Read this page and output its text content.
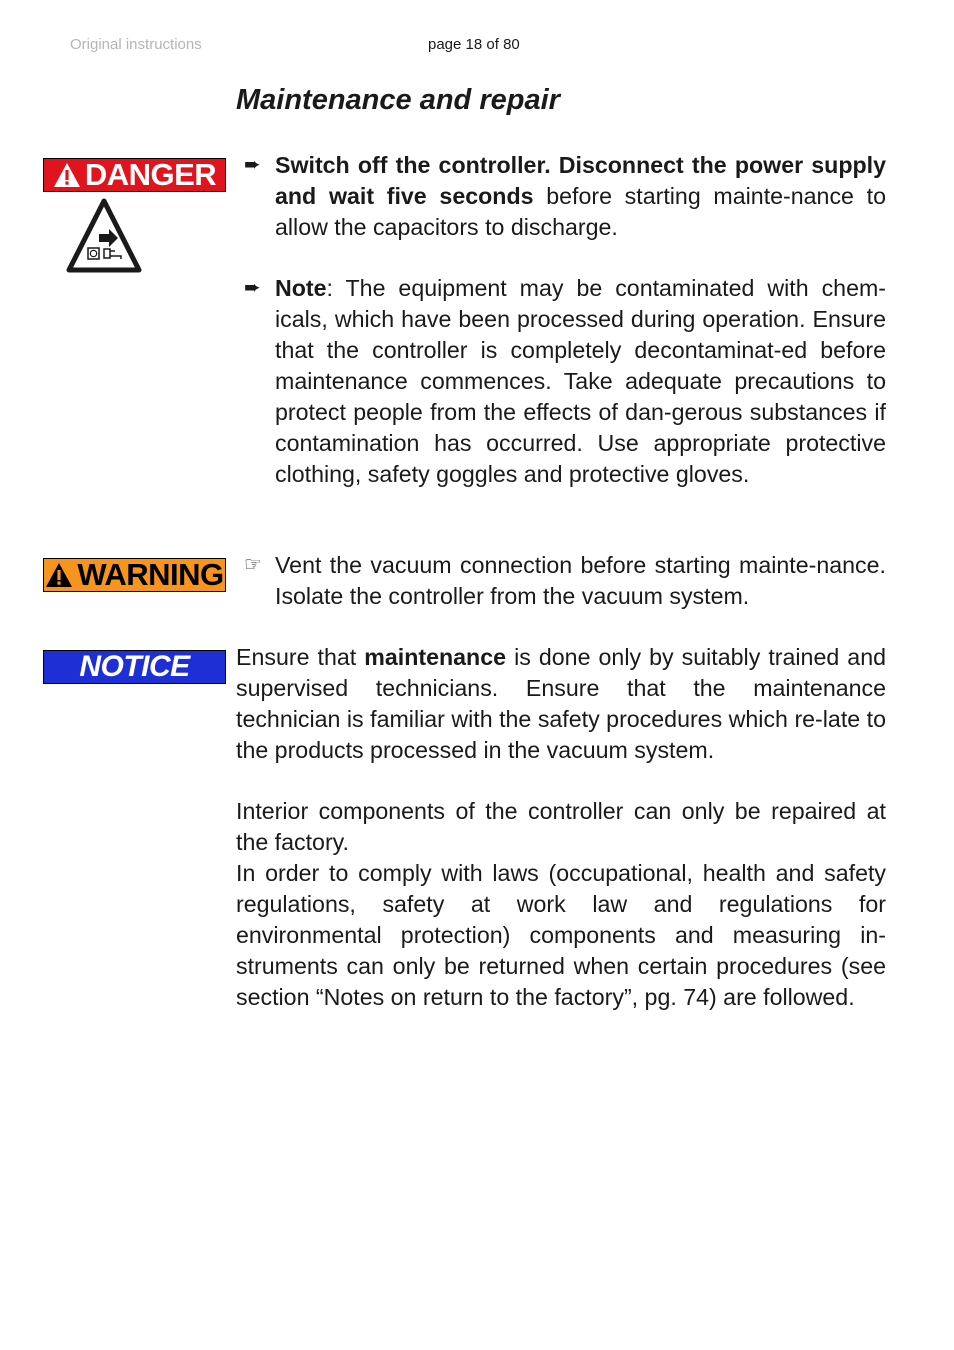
Original instructions	page 18 of 80
Maintenance and repair
DANGER ➨ Switch off the controller. Disconnect the power supply and wait five seconds before starting mainte-nance to allow the capacitors to discharge.
➨ Note: The equipment may be contaminated with chem-icals, which have been processed during operation. Ensure that the controller is completely decontaminat-ed before maintenance commences. Take adequate precautions to protect people from the effects of dan-gerous substances if contamination has occurred. Use appropriate protective clothing, safety goggles and protective gloves.
WARNING ☞ Vent the vacuum connection before starting mainte-nance. Isolate the controller from the vacuum system.
NOTICE Ensure that maintenance is done only by suitably trained and supervised technicians. Ensure that the maintenance technician is familiar with the safety procedures which re-late to the products processed in the vacuum system.

Interior components of the controller can only be repaired at the factory.

In order to comply with laws (occupational, health and safety regulations, safety at work law and regulations for environmental protection) components and measuring in-struments can only be returned when certain procedures (see section “Notes on return to the factory”, pg. 74) are followed.
